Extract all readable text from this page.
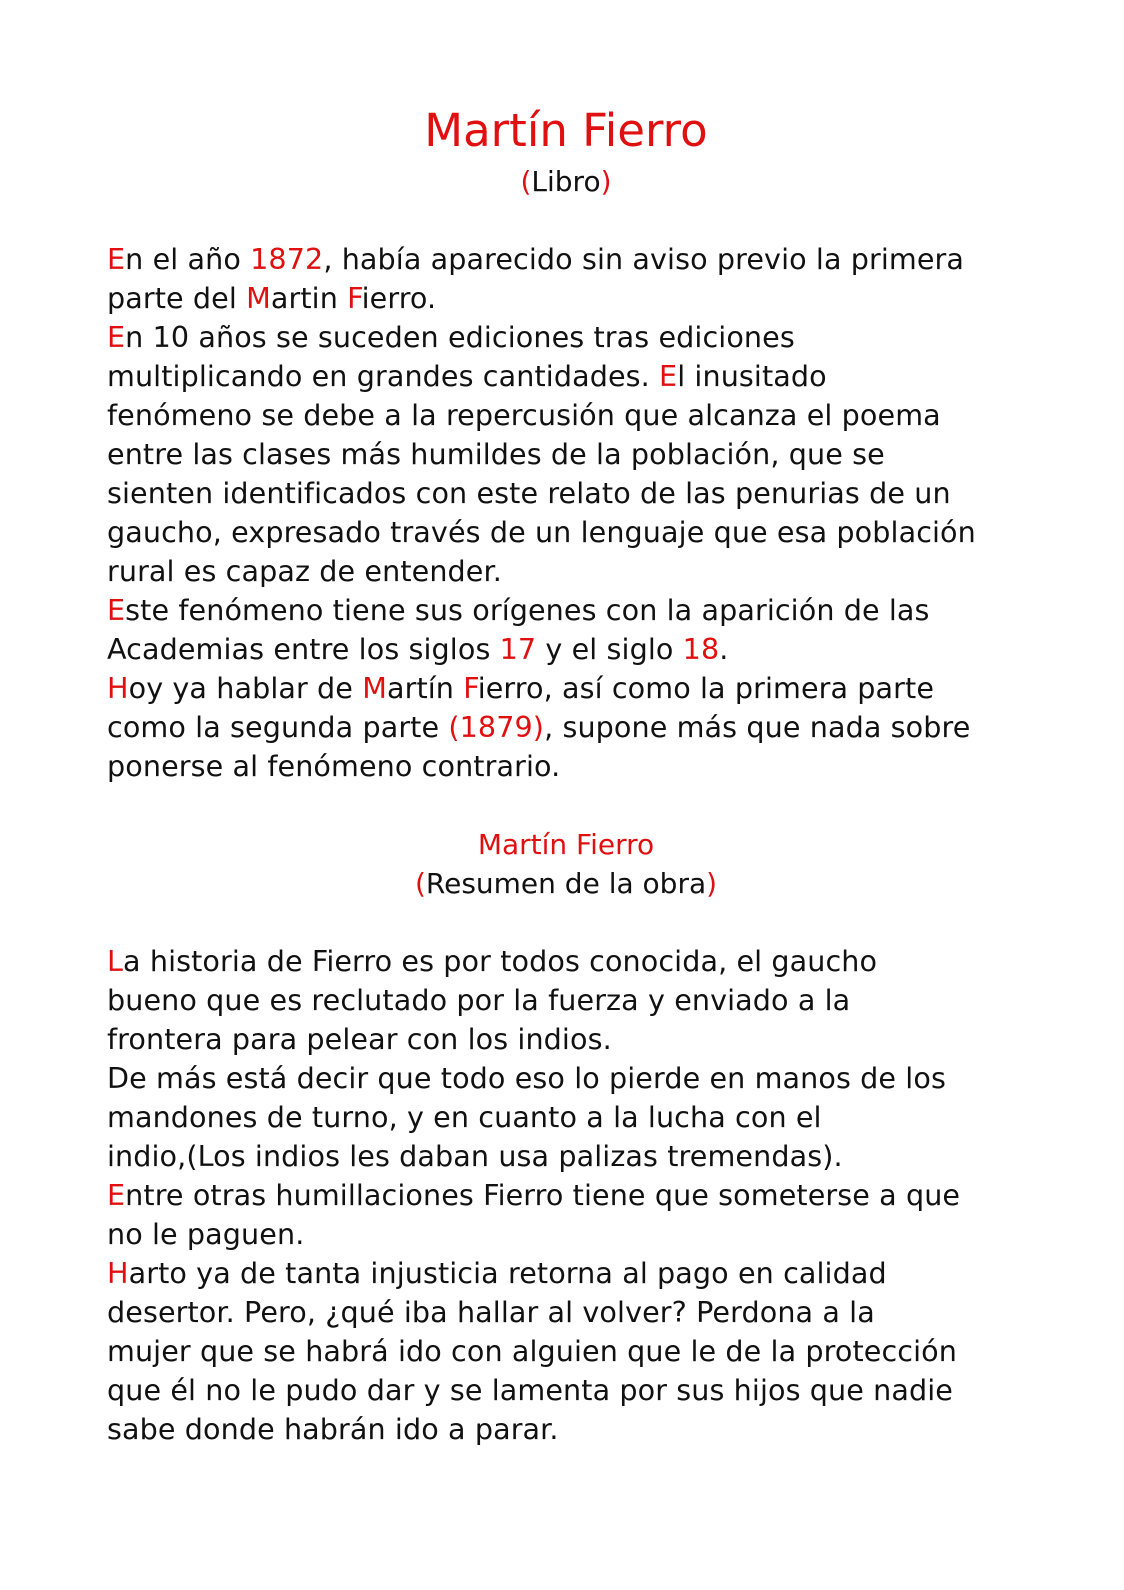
Martín Fierro
(Libro)

En el año 1872, había aparecido sin aviso previo la primera
parte del Martin Fierro.

En 10 años se suceden ediciones tras ediciones
multiplicando en grandes cantidades. El inusitado
fenómeno se debe a la repercusión que alcanza el poema
entre las clases más humildes de la población, que se
sienten identificados con este relato de las penurias de un
gaucho, expresado través de un lenguaje que esa población
rural es capaz de entender.

Este fenómeno tiene sus orígenes con la aparición de las
Academias entre los siglos 17 y el siglo 18.

Hoy ya hablar de Martín Fierro, así como la primera parte
como la segunda parte (1879), supone más que nada sobre
ponerse al fenómeno contrario.

Martín Fierro
(Resumen de la obra)

La historia de Fierro es por todos conocida, el gaucho
bueno que es reclutado por la fuerza y enviado a la
frontera para pelear con los indios.

De más está decir que todo eso lo pierde en manos de los
mandones de turno, y en cuanto a la lucha con el
indio,(Los indios les daban usa palizas tremendas).

Entre otras humillaciones Fierro tiene que someterse a que
no le paguen.

Harto ya de tanta injusticia retorna al pago en calidad
desertor. Pero, ¿qué iba hallar al volver? Perdona a la
mujer que se habrá ido con alguien que le de la protección
que él no le pudo dar y se lamenta por sus hijos que nadie
sabe donde habrán ido a parar.
